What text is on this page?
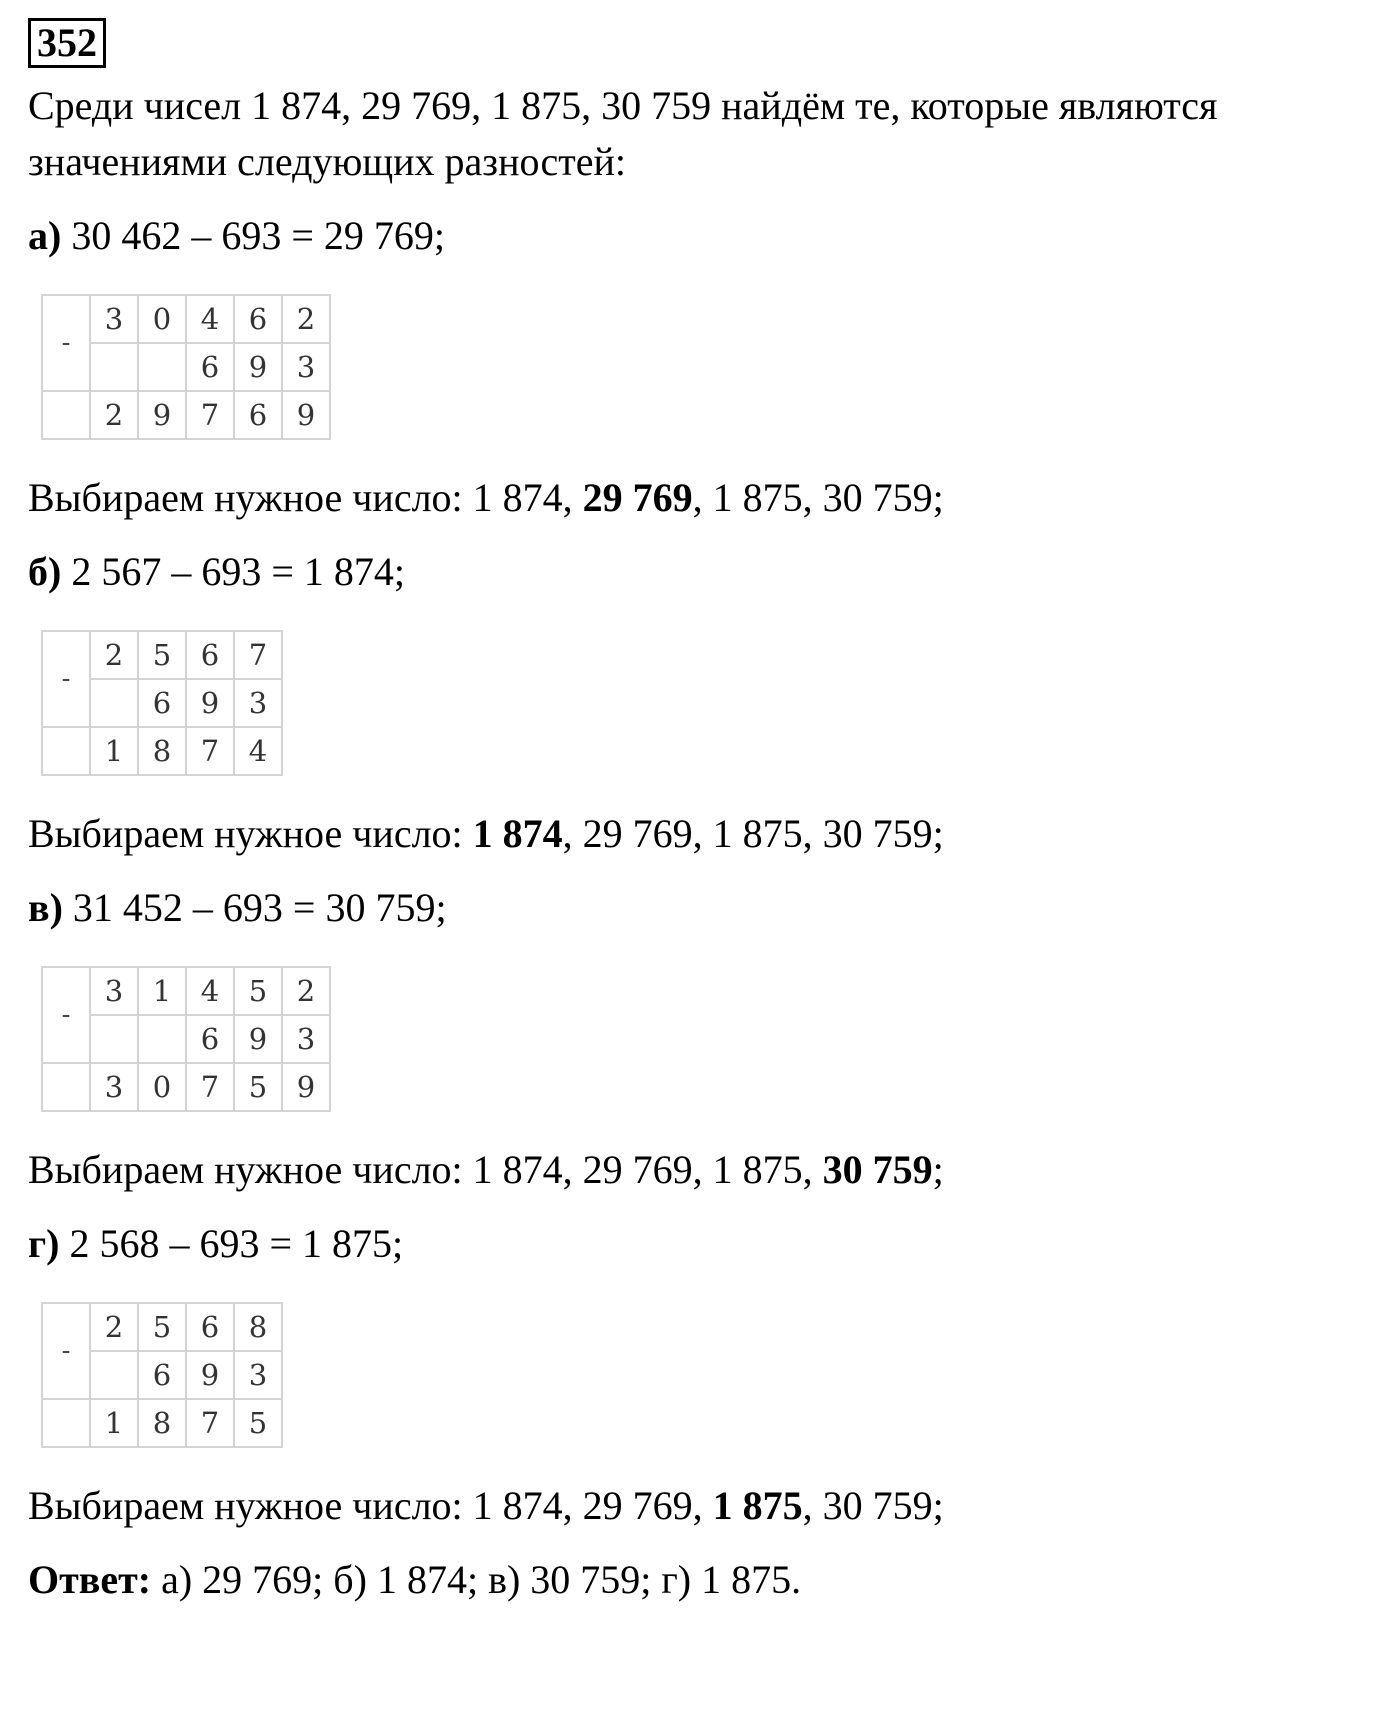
352

Среди чисел 1 874, 29 769, 1 875, 30 759 найдём те, которые являются значениями следующих разностей:

а) 30 462 – 693 = 29 769;

-	3	0	4	6	2
			6	9	3
	2	9	7	6	9

Выбираем нужное число: 1 874, 29 769, 1 875, 30 759;

б) 2 567 – 693 = 1 874;

-	2	5	6	7
		6	9	3
	1	8	7	4

Выбираем нужное число: 1 874, 29 769, 1 875, 30 759;

в) 31 452 – 693 = 30 759;

-	3	1	4	5	2
			6	9	3
	3	0	7	5	9

Выбираем нужное число: 1 874, 29 769, 1 875, 30 759;

г) 2 568 – 693 = 1 875;

-	2	5	6	8
		6	9	3
	1	8	7	5

Выбираем нужное число: 1 874, 29 769, 1 875, 30 759;

Ответ: а) 29 769; б) 1 874; в) 30 759; г) 1 875.
